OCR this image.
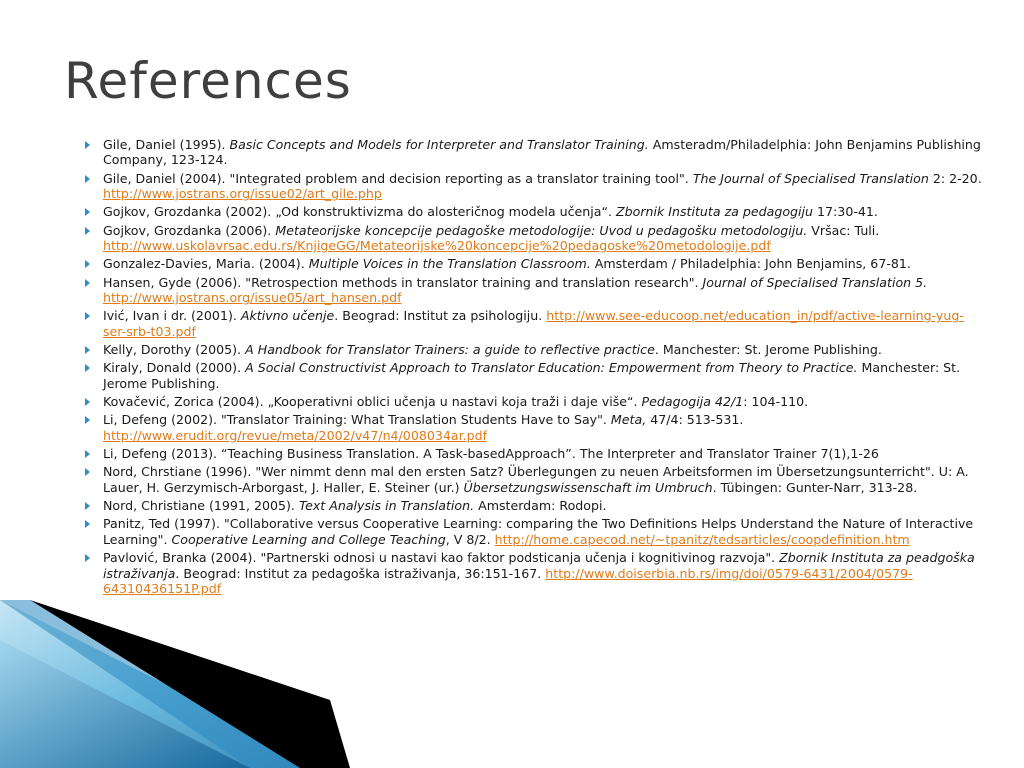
References
Gile, Daniel (1995). Basic Concepts and Models for Interpreter and Translator Training. Amsteradm/Philadelphia: John Benjamins Publishing Company, 123-124.
Gile, Daniel (2004). "Integrated problem and decision reporting as a translator training tool". The Journal of Specialised Translation 2: 2-20. http://www.jostrans.org/issue02/art_gile.php
Gojkov, Grozdanka (2002). „Od konstruktivizma do alosteričnog modela učenja“. Zbornik Instituta za pedagogiju 17:30-41.
Gojkov, Grozdanka (2006). Metateorijske koncepcije pedagoške metodologije: Uvod u pedagošku metodologiju. Vršac: Tuli. http://www.uskolavrsac.edu.rs/KnjigeGG/Metateorijske%20koncepcije%20pedagoske%20metodologije.pdf
Gonzalez-Davies, Maria. (2004). Multiple Voices in the Translation Classroom. Amsterdam / Philadelphia: John Benjamins, 67-81.
Hansen, Gyde (2006). "Retrospection methods in translator training and translation research". Journal of Specialised Translation 5. http://www.jostrans.org/issue05/art_hansen.pdf
Ivić, Ivan i dr. (2001). Aktivno učenje. Beograd: Institut za psihologiju. http://www.see-educoop.net/education_in/pdf/active-learning-yug-ser-srb-t03.pdf
Kelly, Dorothy (2005). A Handbook for Translator Trainers: a guide to reflective practice. Manchester: St. Jerome Publishing.
Kiraly, Donald (2000). A Social Constructivist Approach to Translator Education: Empowerment from Theory to Practice. Manchester: St. Jerome Publishing.
Kovačević, Zorica (2004). „Kooperativni oblici učenja u nastavi koja traži i daje više“. Pedagogija 42/1: 104-110.
Li, Defeng (2002). "Translator Training: What Translation Students Have to Say". Meta, 47/4: 513-531. http://www.erudit.org/revue/meta/2002/v47/n4/008034ar.pdf
Li, Defeng (2013). “Teaching Business Translation. A Task-basedApproach”. The Interpreter and Translator Trainer 7(1),1-26
Nord, Chrstiane (1996). "Wer nimmt denn mal den ersten Satz? Überlegungen zu neuen Arbeitsformen im Übersetzungsunterricht". U: A. Lauer, H. Gerzymisch-Arborgast, J. Haller, E. Steiner (ur.) Übersetzungswissenschaft im Umbruch. Tübingen: Gunter-Narr, 313-28.
Nord, Christiane (1991, 2005). Text Analysis in Translation. Amsterdam: Rodopi.
Panitz, Ted (1997). "Collaborative versus Cooperative Learning: comparing the Two Definitions Helps Understand the Nature of Interactive Learning". Cooperative Learning and College Teaching, V 8/2. http://home.capecod.net/~tpanitz/tedsarticles/coopdefinition.htm
Pavlović, Branka (2004). "Partnerski odnosi u nastavi kao faktor podsticanja učenja i kognitivinog razvoja". Zbornik Instituta za peadgoška istraživanja. Beograd: Institut za pedagoška istraživanja, 36:151-167. http://www.doiserbia.nb.rs/img/doi/0579-6431/2004/0579-64310436151P.pdf
